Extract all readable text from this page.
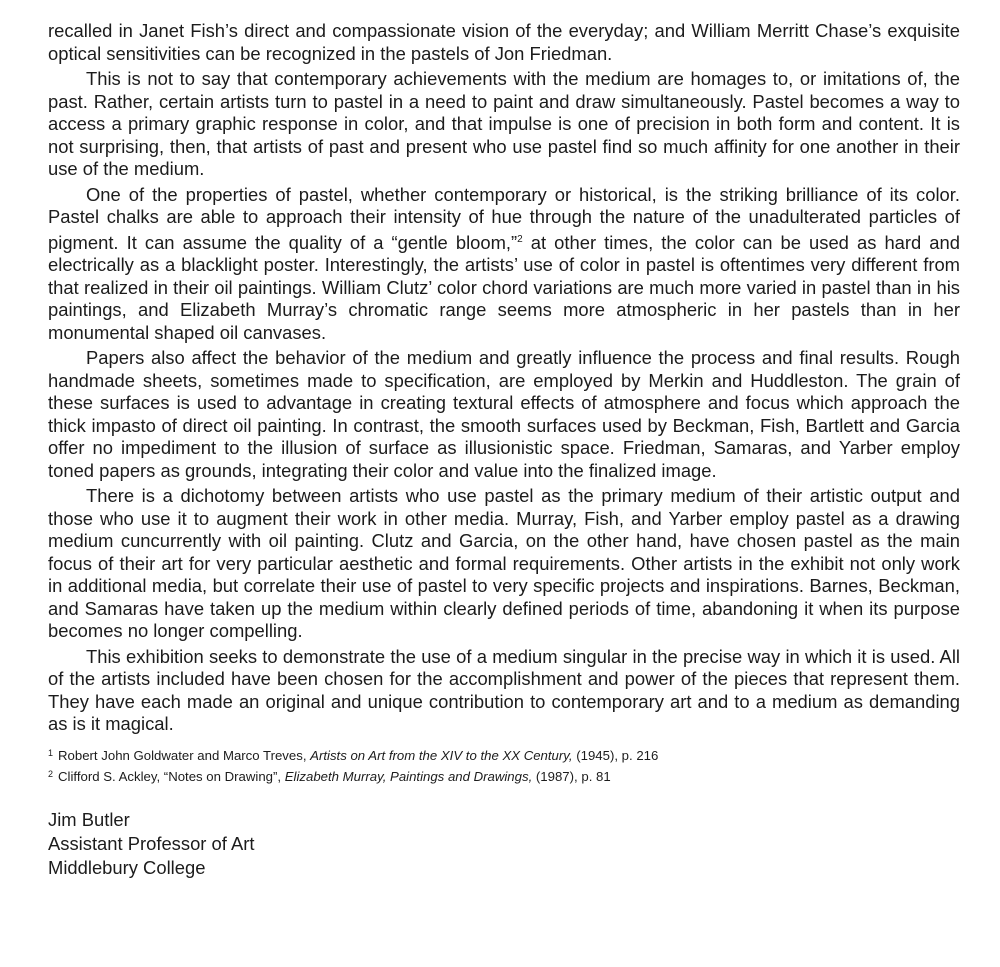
recalled in Janet Fish’s direct and compassionate vision of the everyday; and William Merritt Chase’s exquisite optical sensitivities can be recognized in the pastels of Jon Friedman.

This is not to say that contemporary achievements with the medium are homages to, or imitations of, the past. Rather, certain artists turn to pastel in a need to paint and draw simultaneously. Pastel becomes a way to access a primary graphic response in color, and that impulse is one of precision in both form and content. It is not surprising, then, that artists of past and present who use pastel find so much affinity for one another in their use of the medium.

One of the properties of pastel, whether contemporary or historical, is the striking brilliance of its color. Pastel chalks are able to approach their intensity of hue through the nature of the unadulterated particles of pigment. It can assume the quality of a “gentle bloom,”$^2$ at other times, the color can be used as hard and electrically as a blacklight poster. Interestingly, the artists’ use of color in pastel is oftentimes very different from that realized in their oil paintings. William Clutz’ color chord variations are much more varied in pastel than in his paintings, and Elizabeth Murray’s chromatic range seems more atmospheric in her pastels than in her monumental shaped oil canvases.

Papers also affect the behavior of the medium and greatly influence the process and final results. Rough handmade sheets, sometimes made to specification, are employed by Merkin and Huddleston. The grain of these surfaces is used to advantage in creating textural effects of atmosphere and focus which approach the thick impasto of direct oil painting. In contrast, the smooth surfaces used by Beckman, Fish, Bartlett and Garcia offer no impediment to the illusion of surface as illusionistic space. Friedman, Samaras, and Yarber employ toned papers as grounds, integrating their color and value into the finalized image.

There is a dichotomy between artists who use pastel as the primary medium of their artistic output and those who use it to augment their work in other media. Murray, Fish, and Yarber employ pastel as a drawing medium cuncurrently with oil painting. Clutz and Garcia, on the other hand, have chosen pastel as the main focus of their art for very particular aesthetic and formal requirements. Other artists in the exhibit not only work in additional media, but correlate their use of pastel to very specific projects and inspirations. Barnes, Beckman, and Samaras have taken up the medium within clearly defined periods of time, abandoning it when its purpose becomes no longer compelling.

This exhibition seeks to demonstrate the use of a medium singular in the precise way in which it is used. All of the artists included have been chosen for the accomplishment and power of the pieces that represent them. They have each made an original and unique contribution to contemporary art and to a medium as demanding as is it magical.

$^1$ Robert John Goldwater and Marco Treves, Artists on Art from the XIV to the XX Century, (1945), p. 216
$^2$ Clifford S. Ackley, “Notes on Drawing”, Elizabeth Murray, Paintings and Drawings, (1987), p. 81
Jim Butler
Assistant Professor of Art
Middlebury College
